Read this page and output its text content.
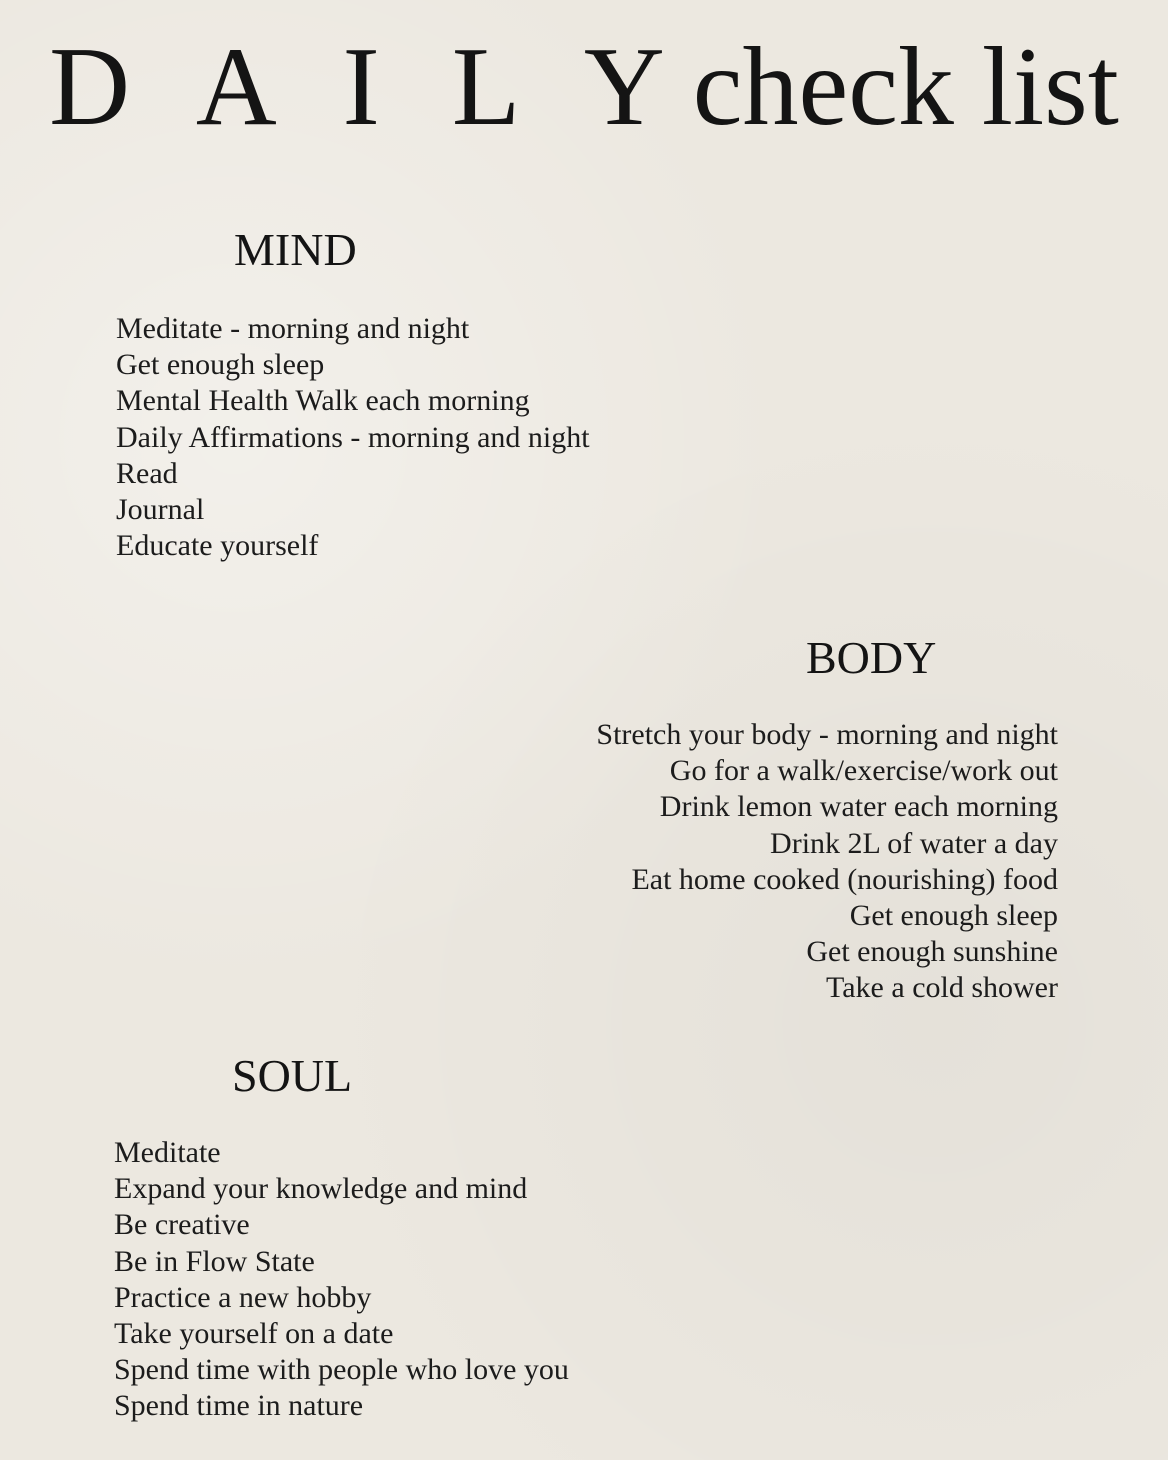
D A I L Ycheck list
MIND
Meditate - morning and night
Get enough sleep
Mental Health Walk each morning
Daily Affirmations - morning and night
Read
Journal
Educate yourself
BODY
Stretch your body - morning and night
Go for a walk/exercise/work out
Drink lemon water each morning
Drink 2L of water a day
Eat home cooked (nourishing) food
Get enough sleep
Get enough sunshine
Take a cold shower
SOUL
Meditate
Expand your knowledge and mind
Be creative
Be in Flow State
Practice a new hobby
Take yourself on a date
Spend time with people who love you
Spend time in nature
